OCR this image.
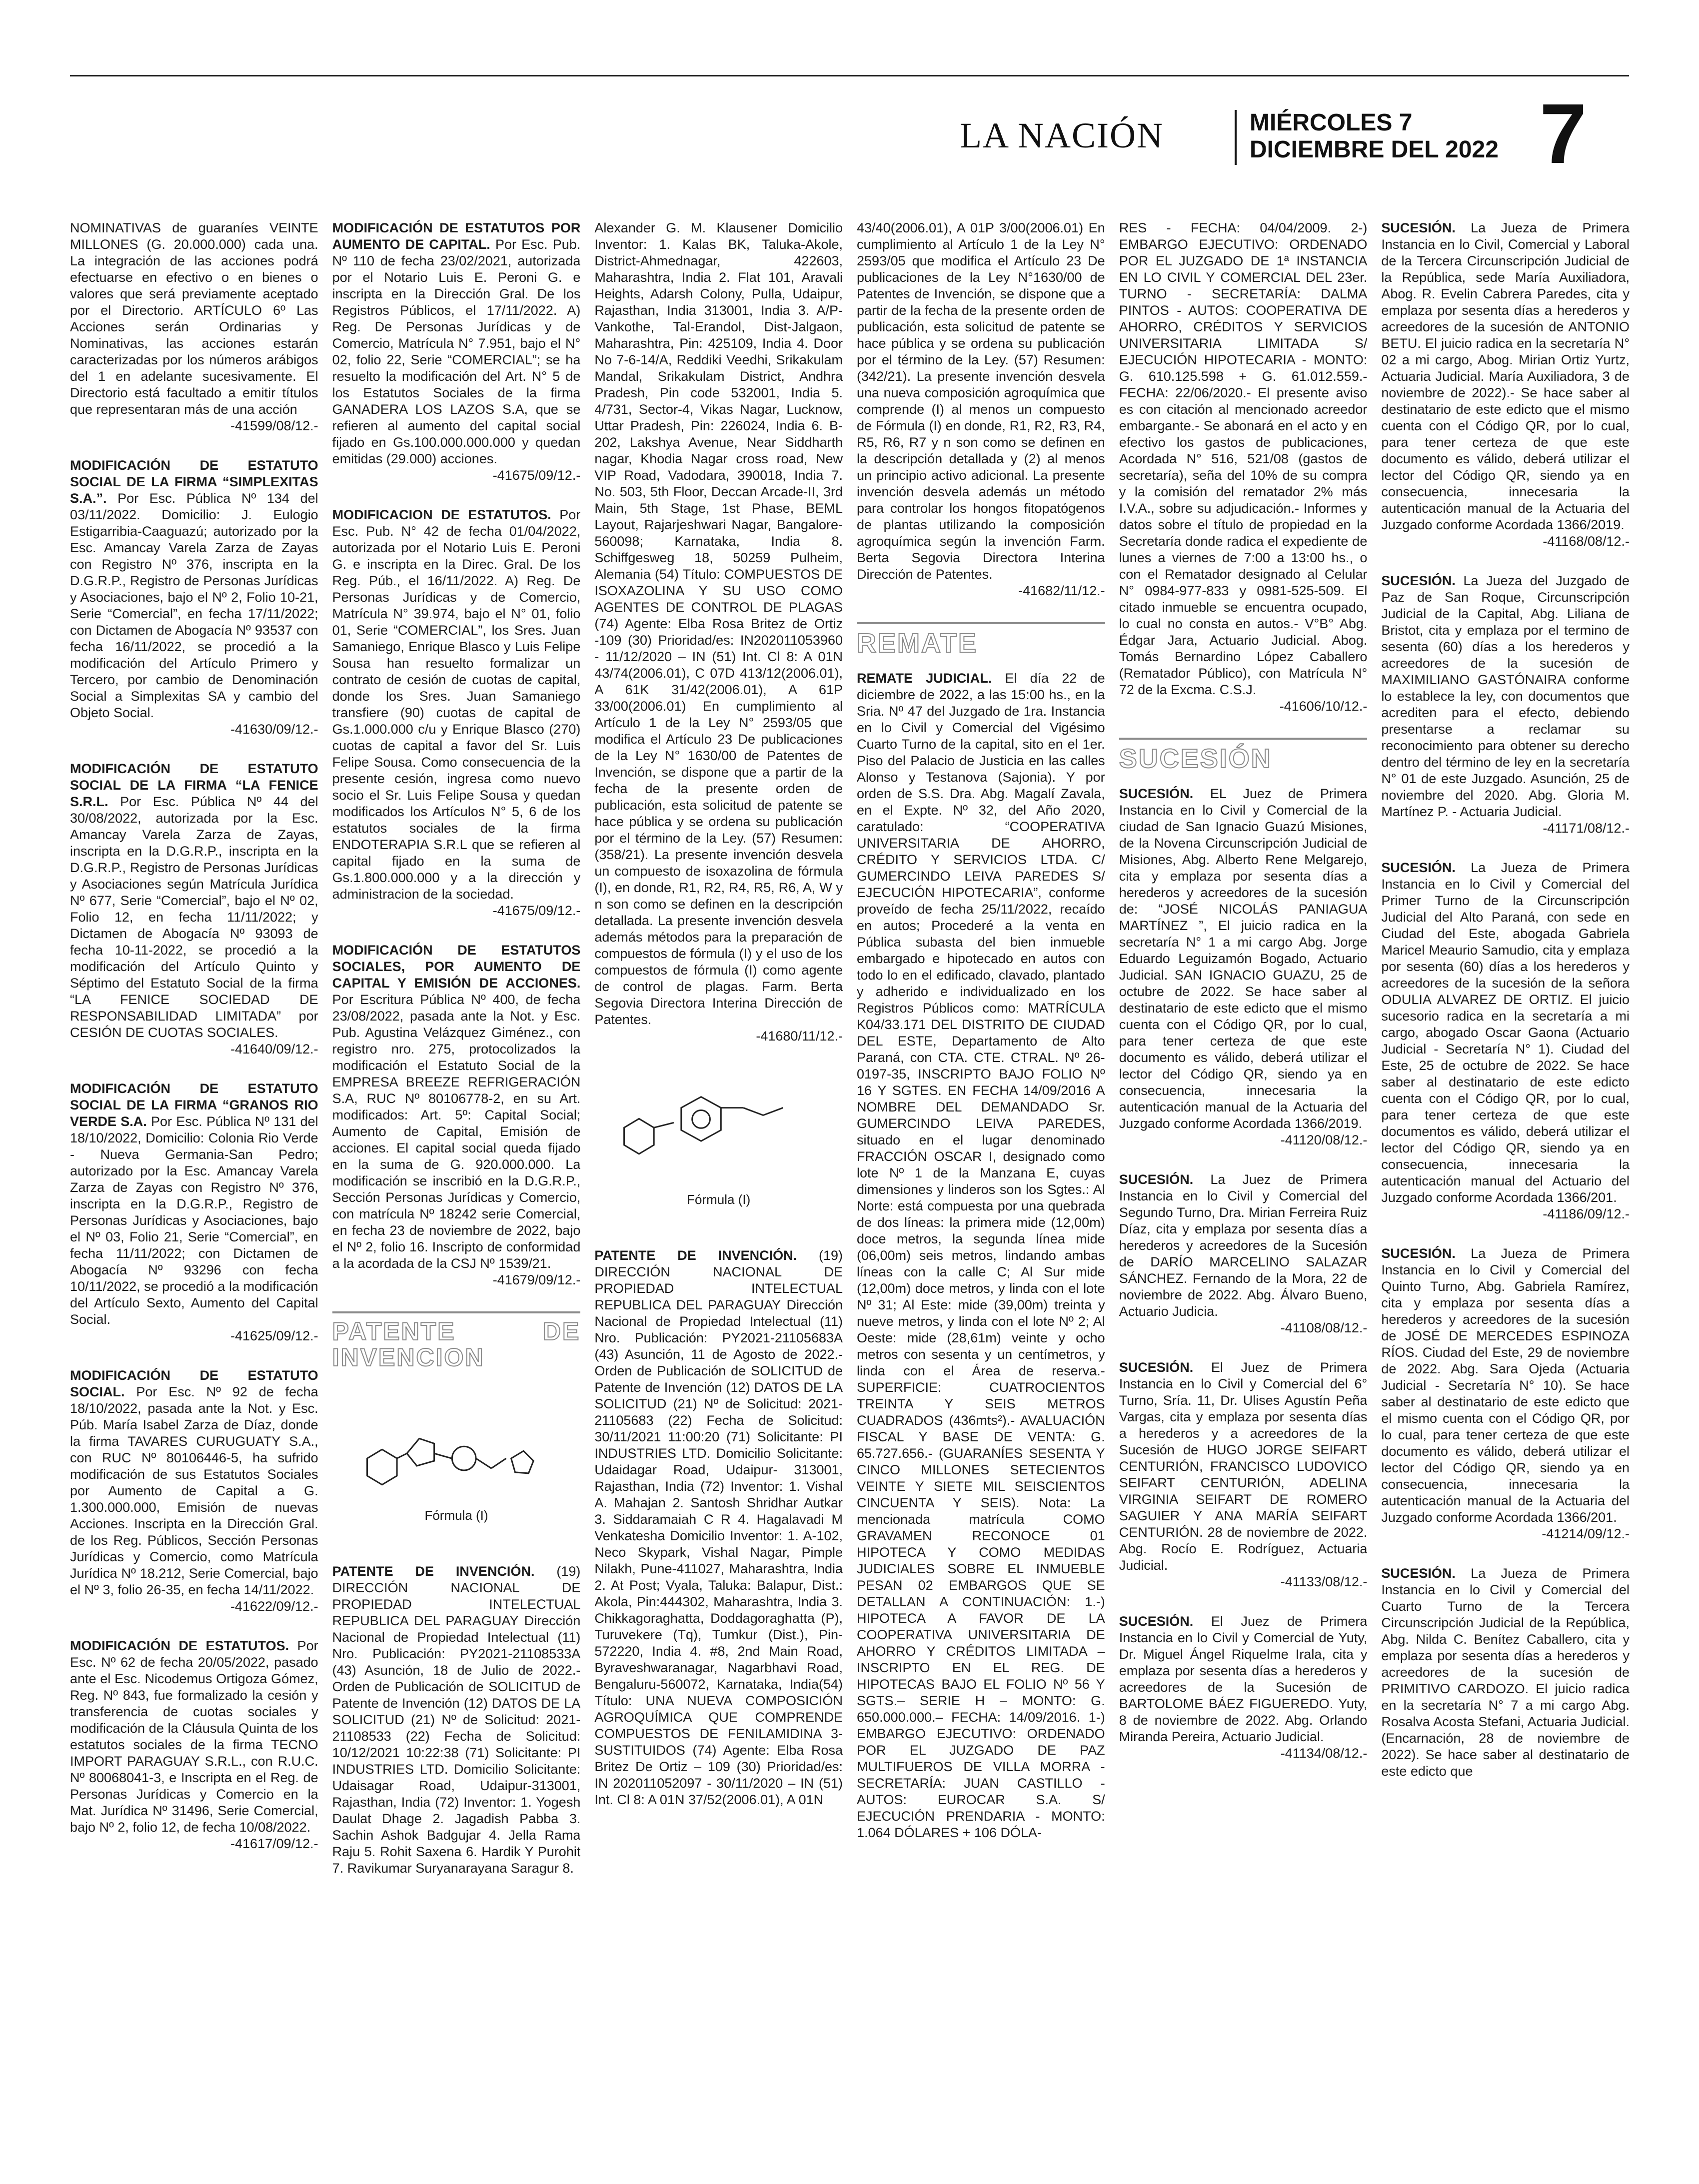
LA NACIÓN	MIÉRCOLES 7
DICIEMBRE DEL 2022 7

NOMINATIVAS de guaraníes VEINTE MILLONES (G. 20.000.000) cada una. La integración de las acciones podrá efectuarse en efectivo o en bienes o valores que será previamente aceptado por el Directorio. ARTÍCULO 6º Las Acciones serán Ordinarias y Nominativas, las acciones estarán caracterizadas por los números arábigos del 1 en adelante sucesivamente. El Directorio está facultado a emitir títulos que representaran más de una acción

-41599/08/12.-

MODIFICACIÓN DE ESTATUTO SOCIAL DE LA FIRMA “SIMPLEXITAS S.A.”. Por Esc. Pública Nº 134 del 03/11/2022. Domicilio: J. Eulogio Estigarribia-Caaguazú; autorizado por la Esc. Amancay Varela Zarza de Zayas con Registro Nº 376, inscripta en la D.G.R.P., Registro de Personas Jurídicas y Asociaciones, bajo el Nº 2, Folio 10-21, Serie “Comercial”, en fecha 17/11/2022; con Dictamen de Abogacía Nº 93537 con fecha 16/11/2022, se procedió a la modificación del Artículo Primero y Tercero, por cambio de Denominación Social a Simplexitas SA y cambio del Objeto Social.

-41630/09/12.-

MODIFICACIÓN DE ESTATUTO SOCIAL DE LA FIRMA “LA FENICE S.R.L. Por Esc. Pública Nº 44 del 30/08/2022, autorizada por la Esc. Amancay Varela Zarza de Zayas, inscripta en la D.G.R.P., inscripta en la D.G.R.P., Registro de Personas Jurídicas y Asociaciones según Matrícula Jurídica Nº 677, Serie “Comercial”, bajo el Nº 02, Folio 12, en fecha 11/11/2022; y Dictamen de Abogacía Nº 93093 de fecha 10-11-2022, se procedió a la modificación del Artículo Quinto y Séptimo del Estatuto Social de la firma “LA FENICE SOCIEDAD DE RESPONSABILIDAD LIMITADA” por CESIÓN DE CUOTAS SOCIALES.

-41640/09/12.-

MODIFICACIÓN DE ESTATUTO SOCIAL DE LA FIRMA “GRANOS RIO VERDE S.A. Por Esc. Pública Nº 131 del 18/10/2022, Domicilio: Colonia Rio Verde - Nueva Germania-San Pedro; autorizado por la Esc. Amancay Varela Zarza de Zayas con Registro Nº 376, inscripta en la D.G.R.P., Registro de Personas Jurídicas y Asociaciones, bajo el Nº 03, Folio 21, Serie “Comercial”, en fecha 11/11/2022; con Dictamen de Abogacía Nº 93296 con fecha 10/11/2022, se procedió a la modificación del Artículo Sexto, Aumento del Capital Social.

-41625/09/12.-

MODIFICACIÓN DE ESTATUTO SOCIAL. Por Esc. Nº 92 de fecha 18/10/2022, pasada ante la Not. y Esc. Púb. María Isabel Zarza de Díaz, donde la firma TAVARES CURUGUATY S.A., con RUC Nº 80106446-5, ha sufrido modificación de sus Estatutos Sociales por Aumento de Capital a G. 1.300.000.000, Emisión de nuevas Acciones. Inscripta en la Dirección Gral. de los Reg. Públicos, Sección Personas Jurídicas y Comercio, como Matrícula Jurídica Nº 18.212, Serie Comercial, bajo el Nº 3, folio 26-35, en fecha 14/11/2022.

-41622/09/12.-

MODIFICACIÓN DE ESTATUTOS. Por Esc. Nº 62 de fecha 20/05/2022, pasado ante el Esc. Nicodemus Ortigoza Gómez, Reg. Nº 843, fue formalizado la cesión y transferencia de cuotas sociales y modificación de la Cláusula Quinta de los estatutos sociales de la firma TECNO IMPORT PARAGUAY S.R.L., con R.U.C. Nº 80068041-3, e Inscripta en el Reg. de Personas Jurídicas y Comercio en la Mat. Jurídica Nº 31496, Serie Comercial, bajo Nº 2, folio 12, de fecha 10/08/2022.

-41617/09/12.-

MODIFICACIÓN DE ESTATUTOS POR AUMENTO DE CAPITAL. Por Esc. Pub. Nº 110 de fecha 23/02/2021, autorizada por el Notario Luis E. Peroni G. e inscripta en la Dirección Gral. De los Registros Públicos, el 17/11/2022. A) Reg. De Personas Jurídicas y de Comercio, Matrícula N° 7.951, bajo el N° 02, folio 22, Serie “COMERCIAL”; se ha resuelto la modificación del Art. N° 5 de los Estatutos Sociales de la firma GANADERA LOS LAZOS S.A, que se refieren al aumento del capital social fijado en Gs.100.000.000.000 y quedan emitidas (29.000) acciones.

-41675/09/12.-

MODIFICACION DE ESTATUTOS. Por Esc. Pub. N° 42 de fecha 01/04/2022, autorizada por el Notario Luis E. Peroni G. e inscripta en la Direc. Gral. De los Reg. Púb., el 16/11/2022. A) Reg. De Personas Jurídicas y de Comercio, Matrícula N° 39.974, bajo el N° 01, folio 01, Serie “COMERCIAL”, los Sres. Juan Samaniego, Enrique Blasco y Luis Felipe Sousa han resuelto formalizar un contrato de cesión de cuotas de capital, donde los Sres. Juan Samaniego transfiere (90) cuotas de capital de Gs.1.000.000 c/u y Enrique Blasco (270) cuotas de capital a favor del Sr. Luis Felipe Sousa. Como consecuencia de la presente cesión, ingresa como nuevo socio el Sr. Luis Felipe Sousa y quedan modificados los Artículos N° 5, 6 de los estatutos sociales de la firma ENDOTERAPIA S.R.L que se refieren al capital fijado en la suma de Gs.1.800.000.000 y a la dirección y administracion de la sociedad.

-41675/09/12.-

MODIFICACIÓN DE ESTATUTOS SOCIALES, POR AUMENTO DE CAPITAL Y EMISIÓN DE ACCIONES. Por Escritura Pública Nº 400, de fecha 23/08/2022, pasada ante la Not. y Esc. Pub. Agustina Velázquez Giménez., con registro nro. 275, protocolizados la modificación el Estatuto Social de la EMPRESA BREEZE REFRIGERACIÓN S.A, RUC Nº 80106778-2, en su Art. modificados: Art. 5º: Capital Social; Aumento de Capital, Emisión de acciones. El capital social queda fijado en la suma de G. 920.000.000. La modificación se inscribió en la D.G.R.P., Sección Personas Jurídicas y Comercio, con matrícula Nº 18242 serie Comercial, en fecha 23 de noviembre de 2022, bajo el Nº 2, folio 16. Inscripto de conformidad a la acordada de la CSJ Nº 1539/21.

-41679/09/12.-
PATENTE DE INVENCION
Fórmula (I)

PATENTE DE INVENCIÓN. (19) DIRECCIÓN NACIONAL DE PROPIEDAD INTELECTUAL REPUBLICA DEL PARAGUAY Dirección Nacional de Propiedad Intelectual (11) Nro. Publicación: PY2021-21108533A (43) Asunción, 18 de Julio de 2022.- Orden de Publicación de SOLICITUD de Patente de Invención (12) DATOS DE LA SOLICITUD (21) Nº de Solicitud: 2021-21108533 (22) Fecha de Solicitud: 10/12/2021 10:22:38 (71) Solicitante: PI INDUSTRIES LTD. Domicilio Solicitante: Udaisagar Road, Udaipur-313001, Rajasthan, India (72) Inventor: 1. Yogesh Daulat Dhage 2. Jagadish Pabba 3. Sachin Ashok Badgujar 4. Jella Rama Raju 5. Rohit Saxena 6. Hardik Y Purohit 7. Ravikumar Suryanarayana Saragur 8.

Alexander G. M. Klausener Domicilio Inventor: 1. Kalas BK, Taluka-Akole, District-Ahmednagar, 422603, Maharashtra, India 2. Flat 101, Aravali Heights, Adarsh Colony, Pulla, Udaipur, Rajasthan, India 313001, India 3. A/P-Vankothe, Tal-Erandol, Dist-Jalgaon, Maharashtra, Pin: 425109, India 4. Door No 7-6-14/A, Reddiki Veedhi, Srikakulam Mandal, Srikakulam District, Andhra Pradesh, Pin code 532001, India 5. 4/731, Sector-4, Vikas Nagar, Lucknow, Uttar Pradesh, Pin: 226024, India 6. B-202, Lakshya Avenue, Near Siddharth nagar, Khodia Nagar cross road, New VIP Road, Vadodara, 390018, India 7. No. 503, 5th Floor, Deccan Arcade-II, 3rd Main, 5th Stage, 1st Phase, BEML Layout, Rajarjeshwari Nagar, Bangalore-560098; Karnataka, India 8. Schiffgesweg 18, 50259 Pulheim, Alemania (54) Título: COMPUESTOS DE ISOXAZOLINA Y SU USO COMO AGENTES DE CONTROL DE PLAGAS (74) Agente: Elba Rosa Britez de Ortiz -109 (30) Prioridad/es: IN202011053960 - 11/12/2020 – IN (51) Int. Cl 8: A 01N 43/74(2006.01), C 07D 413/12(2006.01), A 61K 31/42(2006.01), A 61P 33/00(2006.01) En cumplimiento al Artículo 1 de la Ley N° 2593/05 que modifica el Artículo 23 De publicaciones de la Ley N° 1630/00 de Patentes de Invención, se dispone que a partir de la fecha de la presente orden de publicación, esta solicitud de patente se hace pública y se ordena su publicación por el término de la Ley. (57) Resumen: (358/21). La presente invención desvela un compuesto de isoxazolina de fórmula (I), en donde, R1, R2, R4, R5, R6, A, W y n son como se definen en la descripción detallada. La presente invención desvela además métodos para la preparación de compuestos de fórmula (I) y el uso de los compuestos de fórmula (I) como agente de control de plagas. Farm. Berta Segovia Directora Interina Dirección de Patentes.

-41680/11/12.-
Fórmula (I)

PATENTE DE INVENCIÓN. (19) DIRECCIÓN NACIONAL DE PROPIEDAD INTELECTUAL REPUBLICA DEL PARAGUAY Dirección Nacional de Propiedad Intelectual (11) Nro. Publicación: PY2021-21105683A (43) Asunción, 11 de Agosto de 2022.- Orden de Publicación de SOLICITUD de Patente de Invención (12) DATOS DE LA SOLICITUD (21) Nº de Solicitud: 2021-21105683 (22) Fecha de Solicitud: 30/11/2021 11:00:20 (71) Solicitante: PI INDUSTRIES LTD. Domicilio Solicitante: Udaidagar Road, Udaipur- 313001, Rajasthan, India (72) Inventor: 1. Vishal A. Mahajan 2. Santosh Shridhar Autkar 3. Siddaramaiah C R 4. Hagalavadi M Venkatesha Domicilio Inventor: 1. A-102, Neco Skypark, Vishal Nagar, Pimple Nilakh, Pune-411027, Maharashtra, India 2. At Post; Vyala, Taluka: Balapur, Dist.: Akola, Pin:444302, Maharashtra, India 3. Chikkagoraghatta, Doddagoraghatta (P), Turuvekere (Tq), Tumkur (Dist.), Pin-572220, India 4. #8, 2nd Main Road, Byraveshwaranagar, Nagarbhavi Road, Bengaluru-560072, Karnataka, India(54) Título: UNA NUEVA COMPOSICIÓN AGROQUÍMICA QUE COMPRENDE COMPUESTOS DE FENILAMIDINA 3-SUSTITUIDOS (74) Agente: Elba Rosa Britez De Ortiz – 109 (30) Prioridad/es: IN 202011052097 - 30/11/2020 – IN (51) Int. Cl 8: A 01N 37/52(2006.01), A 01N

43/40(2006.01), A 01P 3/00(2006.01) En cumplimiento al Artículo 1 de la Ley N° 2593/05 que modifica el Artículo 23 De publicaciones de la Ley N°1630/00 de Patentes de Invención, se dispone que a partir de la fecha de la presente orden de publicación, esta solicitud de patente se hace pública y se ordena su publicación por el término de la Ley. (57) Resumen: (342/21). La presente invención desvela una nueva composición agroquímica que comprende (I) al menos un compuesto de Fórmula (I) en donde, R1, R2, R3, R4, R5, R6, R7 y n son como se definen en la descripción detallada y (2) al menos un principio activo adicional. La presente invención desvela además un método para controlar los hongos fitopatógenos de plantas utilizando la composición agroquímica según la invención Farm. Berta Segovia Directora Interina Dirección de Patentes.

-41682/11/12.-
REMATE

REMATE JUDICIAL. El día 22 de diciembre de 2022, a las 15:00 hs., en la Sria. Nº 47 del Juzgado de 1ra. Instancia en lo Civil y Comercial del Vigésimo Cuarto Turno de la capital, sito en el 1er. Piso del Palacio de Justicia en las calles Alonso y Testanova (Sajonia). Y por orden de S.S. Dra. Abg. Magalí Zavala, en el Expte. Nº 32, del Año 2020, caratulado: “COOPERATIVA UNIVERSITARIA DE AHORRO, CRÉDITO Y SERVICIOS LTDA. C/ GUMERCINDO LEIVA PAREDES S/ EJECUCIÓN HIPOTECARIA”, conforme proveído de fecha 25/11/2022, recaído en autos; Procederé a la venta en Pública subasta del bien inmueble embargado e hipotecado en autos con todo lo en el edificado, clavado, plantado y adherido e individualizado en los Registros Públicos como: MATRÍCULA K04/33.171 DEL DISTRITO DE CIUDAD DEL ESTE, Departamento de Alto Paraná, con CTA. CTE. CTRAL. Nº 26-0197-35, INSCRIPTO BAJO FOLIO Nº 16 Y SGTES. EN FECHA 14/09/2016 A NOMBRE DEL DEMANDADO Sr. GUMERCINDO LEIVA PAREDES, situado en el lugar denominado FRACCIÓN OSCAR I, designado como lote Nº 1 de la Manzana E, cuyas dimensiones y linderos son los Sgtes.: Al Norte: está compuesta por una quebrada de dos líneas: la primera mide (12,00m) doce metros, la segunda línea mide (06,00m) seis metros, lindando ambas líneas con la calle C; Al Sur mide (12,00m) doce metros, y linda con el lote Nº 31; Al Este: mide (39,00m) treinta y nueve metros, y linda con el lote Nº 2; Al Oeste: mide (28,61m) veinte y ocho metros con sesenta y un centímetros, y linda con el Área de reserva.- SUPERFICIE: CUATROCIENTOS TREINTA Y SEIS METROS CUADRADOS (436mts²).- AVALUACIÓN FISCAL Y BASE DE VENTA: G. 65.727.656.- (GUARANÍES SESENTA Y CINCO MILLONES SETECIENTOS VEINTE Y SIETE MIL SEISCIENTOS CINCUENTA Y SEIS). Nota: La mencionada matrícula COMO GRAVAMEN RECONOCE 01 HIPOTECA Y COMO MEDIDAS JUDICIALES SOBRE EL INMUEBLE PESAN 02 EMBARGOS QUE SE DETALLAN A CONTINUACIÓN: 1.-) HIPOTECA A FAVOR DE LA COOPERATIVA UNIVERSITARIA DE AHORRO Y CRÉDITOS LIMITADA – INSCRIPTO EN EL REG. DE HIPOTECAS BAJO EL FOLIO Nº 56 Y SGTS.– SERIE H – MONTO: G. 650.000.000.– FECHA: 14/09/2016. 1-) EMBARGO EJECUTIVO: ORDENADO POR EL JUZGADO DE PAZ MULTIFUEROS DE VILLA MORRA - SECRETARÍA: JUAN CASTILLO - AUTOS: EUROCAR S.A. S/ EJECUCIÓN PRENDARIA - MONTO: 1.064 DÓLARES + 106 DÓLA-

RES - FECHA: 04/04/2009. 2-) EMBARGO EJECUTIVO: ORDENADO POR EL JUZGADO DE 1ª INSTANCIA EN LO CIVIL Y COMERCIAL DEL 23er. TURNO - SECRETARÍA: DALMA PINTOS - AUTOS: COOPERATIVA DE AHORRO, CRÉDITOS Y SERVICIOS UNIVERSITARIA LIMITADA S/ EJECUCIÓN HIPOTECARIA - MONTO: G. 610.125.598 + G. 61.012.559.- FECHA: 22/06/2020.- El presente aviso es con citación al mencionado acreedor embargante.- Se abonará en el acto y en efectivo los gastos de publicaciones, Acordada N° 516, 521/08 (gastos de secretaría), seña del 10% de su compra y la comisión del rematador 2% más I.V.A., sobre su adjudicación.- Informes y datos sobre el título de propiedad en la Secretaría donde radica el expediente de lunes a viernes de 7:00 a 13:00 hs., o con el Rematador designado al Celular N° 0984-977-833 y 0981-525-509. El citado inmueble se encuentra ocupado, lo cual no consta en autos.- V°B° Abg. Édgar Jara, Actuario Judicial. Abog. Tomás Bernardino López Caballero (Rematador Público), con Matrícula N° 72 de la Excma. C.S.J.

-41606/10/12.-
SUCESIÓN

SUCESIÓN. EL Juez de Primera Instancia en lo Civil y Comercial de la ciudad de San Ignacio Guazú Misiones, de la Novena Circunscripción Judicial de Misiones, Abg. Alberto Rene Melgarejo, cita y emplaza por sesenta días a herederos y acreedores de la sucesión de: “JOSÉ NICOLÁS PANIAGUA MARTÍNEZ ”, El juicio radica en la secretaría N° 1 a mi cargo Abg. Jorge Eduardo Leguizamón Bogado, Actuario Judicial. SAN IGNACIO GUAZU, 25 de octubre de 2022. Se hace saber al destinatario de este edicto que el mismo cuenta con el Código QR, por lo cual, para tener certeza de que este documento es válido, deberá utilizar el lector del Código QR, siendo ya en consecuencia, innecesaria la autenticación manual de la Actuaria del Juzgado conforme Acordada 1366/2019.

-41120/08/12.-

SUCESIÓN. La Juez de Primera Instancia en lo Civil y Comercial del Segundo Turno, Dra. Mirian Ferreira Ruiz Díaz, cita y emplaza por sesenta días a herederos y acreedores de la Sucesión de DARÍO MARCELINO SALAZAR SÁNCHEZ. Fernando de la Mora, 22 de noviembre de 2022. Abg. Álvaro Bueno, Actuario Judicia.

-41108/08/12.-

SUCESIÓN. El Juez de Primera Instancia en lo Civil y Comercial del 6° Turno, Sría. 11, Dr. Ulises Agustín Peña Vargas, cita y emplaza por sesenta días a herederos y a acreedores de la Sucesión de HUGO JORGE SEIFART CENTURIÓN, FRANCISCO LUDOVICO SEIFART CENTURIÓN, ADELINA VIRGINIA SEIFART DE ROMERO SAGUIER Y ANA MARÍA SEIFART CENTURIÓN. 28 de noviembre de 2022. Abg. Rocío E. Rodríguez, Actuaria Judicial.

-41133/08/12.-

SUCESIÓN. El Juez de Primera Instancia en lo Civil y Comercial de Yuty, Dr. Miguel Ángel Riquelme Irala, cita y emplaza por sesenta días a herederos y acreedores de la Sucesión de BARTOLOME BÁEZ FIGUEREDO. Yuty, 8 de noviembre de 2022. Abg. Orlando Miranda Pereira, Actuario Judicial.

-41134/08/12.-

SUCESIÓN. La Jueza de Primera Instancia en lo Civil, Comercial y Laboral de la Tercera Circunscripción Judicial de la República, sede María Auxiliadora, Abog. R. Evelin Cabrera Paredes, cita y emplaza por sesenta días a herederos y acreedores de la sucesión de ANTONIO BETU. El juicio radica en la secretaría N° 02 a mi cargo, Abog. Mirian Ortiz Yurtz, Actuaria Judicial. María Auxiliadora, 3 de noviembre de 2022).- Se hace saber al destinatario de este edicto que el mismo cuenta con el Código QR, por lo cual, para tener certeza de que este documento es válido, deberá utilizar el lector del Código QR, siendo ya en consecuencia, innecesaria la autenticación manual de la Actuaria del Juzgado conforme Acordada 1366/2019.

-41168/08/12.-

SUCESIÓN. La Jueza del Juzgado de Paz de San Roque, Circunscripción Judicial de la Capital, Abg. Liliana de Bristot, cita y emplaza por el termino de sesenta (60) días a los herederos y acreedores de la sucesión de MAXIMILIANO GASTÓNAIRA conforme lo establece la ley, con documentos que acrediten para el efecto, debiendo presentarse a reclamar su reconocimiento para obtener su derecho dentro del término de ley en la secretaría N° 01 de este Juzgado. Asunción, 25 de noviembre del 2020. Abg. Gloria M. Martínez P. - Actuaria Judicial.

-41171/08/12.-

SUCESIÓN. La Jueza de Primera Instancia en lo Civil y Comercial del Primer Turno de la Circunscripción Judicial del Alto Paraná, con sede en Ciudad del Este, abogada Gabriela Maricel Meaurio Samudio, cita y emplaza por sesenta (60) días a los herederos y acreedores de la sucesión de la señora ODULIA ALVAREZ DE ORTIZ. El juicio sucesorio radica en la secretaría a mi cargo, abogado Oscar Gaona (Actuario Judicial - Secretaría N° 1). Ciudad del Este, 25 de octubre de 2022. Se hace saber al destinatario de este edicto cuenta con el Código QR, por lo cual, para tener certeza de que este documentos es válido, deberá utilizar el lector del Código QR, siendo ya en consecuencia, innecesaria la autenticación manual del Actuario del Juzgado conforme Acordada 1366/201.

-41186/09/12.-

SUCESIÓN. La Jueza de Primera Instancia en lo Civil y Comercial del Quinto Turno, Abg. Gabriela Ramírez, cita y emplaza por sesenta días a herederos y acreedores de la sucesión de JOSÉ DE MERCEDES ESPINOZA RÍOS. Ciudad del Este, 29 de noviembre de 2022. Abg. Sara Ojeda (Actuaria Judicial - Secretaría N° 10). Se hace saber al destinatario de este edicto que el mismo cuenta con el Código QR, por lo cual, para tener certeza de que este documento es válido, deberá utilizar el lector del Código QR, siendo ya en consecuencia, innecesaria la autenticación manual de la Actuaria del Juzgado conforme Acordada 1366/201.

-41214/09/12.-

SUCESIÓN. La Jueza de Primera Instancia en lo Civil y Comercial del Cuarto Turno de la Tercera Circunscripción Judicial de la República, Abg. Nilda C. Benítez Caballero, cita y emplaza por sesenta días a herederos y acreedores de la sucesión de PRIMITIVO CARDOZO. El juicio radica en la secretaría N° 7 a mi cargo Abg. Rosalva Acosta Stefani, Actuaria Judicial. (Encarnación, 28 de noviembre de 2022). Se hace saber al destinatario de este edicto que
